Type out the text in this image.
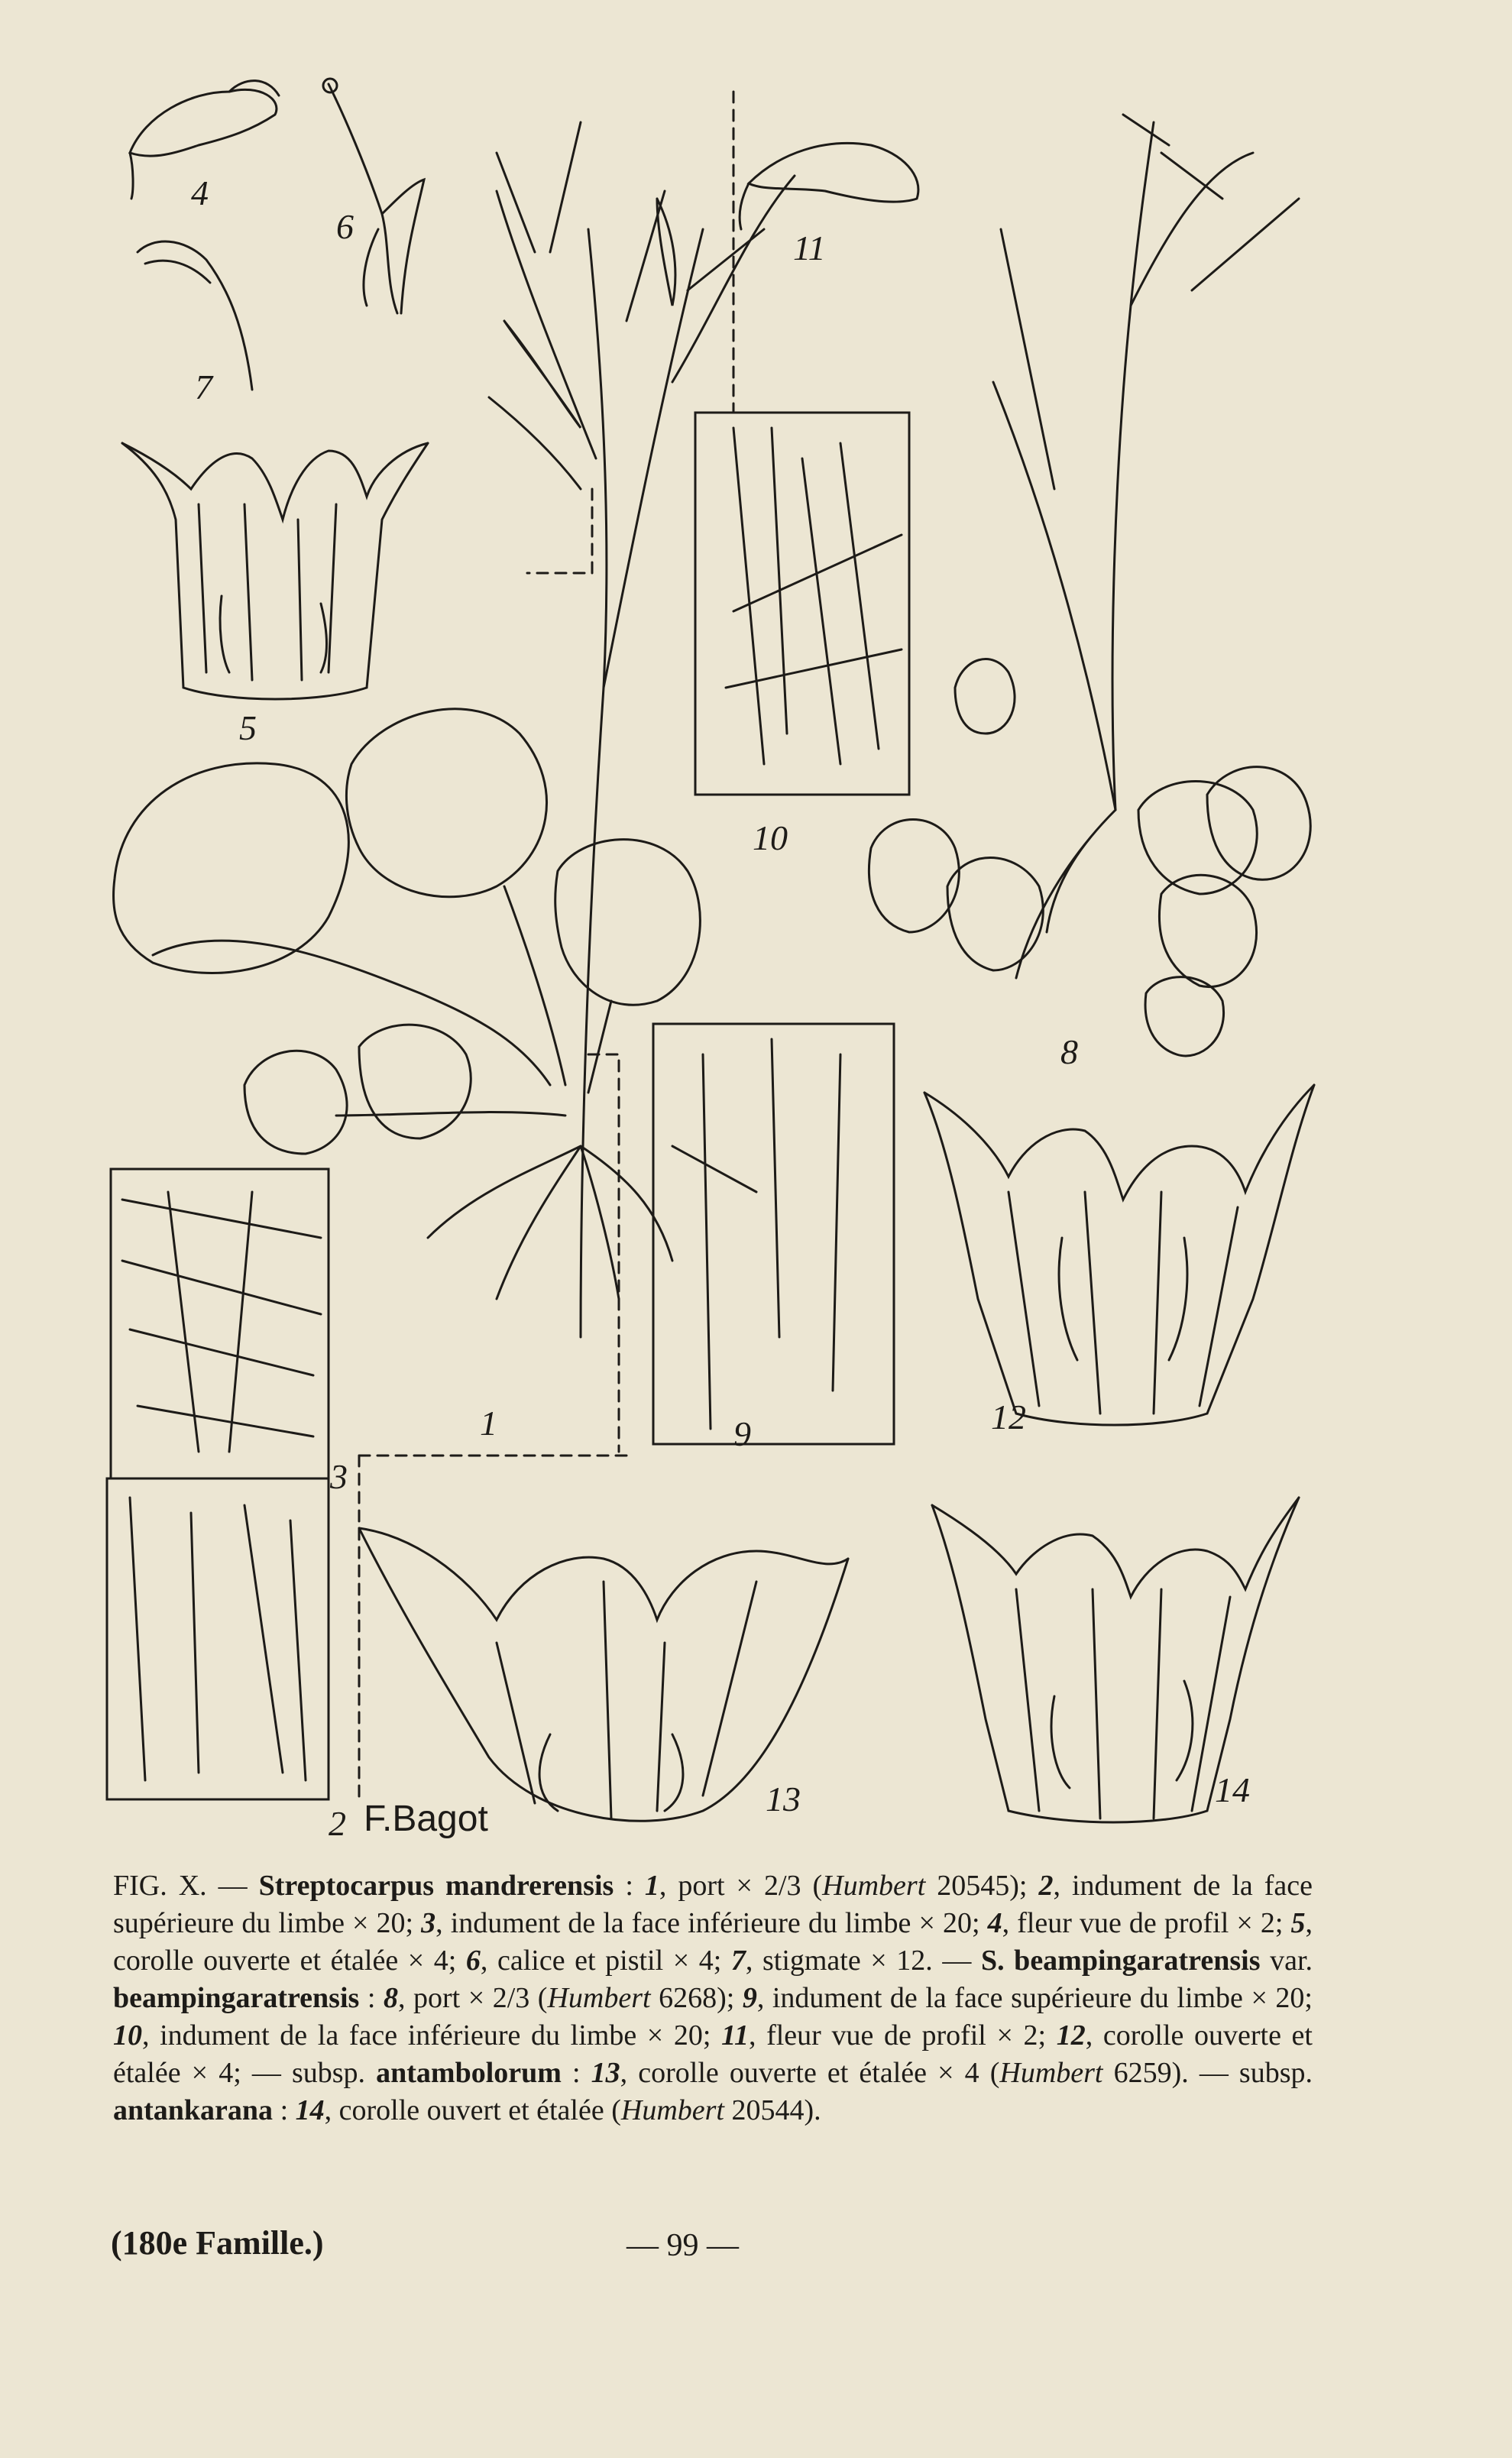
4
6
11
7
5
10
8
1	9	12
3
13	14
2 F.Bagot
FIG. X. — Streptocarpus mandrerensis : 1, port × 2/3 (Humbert 20545); 2, indument de la face supérieure du limbe × 20; 3, indument de la face inférieure du limbe × 20; 4, fleur vue de profil × 2; 5, corolle ouverte et étalée × 4; 6, calice et pistil × 4; 7, stigmate × 12. — S. beampingaratrensis var. beampingaratrensis : 8, port × 2/3 (Humbert 6268); 9, indument de la face supérieure du limbe × 20; 10, indument de la face inférieure du limbe × 20; 11, fleur vue de profil × 2; 12, corolle ouverte et étalée × 4; — subsp. antambolorum : 13, corolle ouverte et étalée × 4 (Humbert 6259). — subsp. antankarana : 14, corolle ouvert et étalée (Humbert 20544).
(180e Famille.)	— 99 —
